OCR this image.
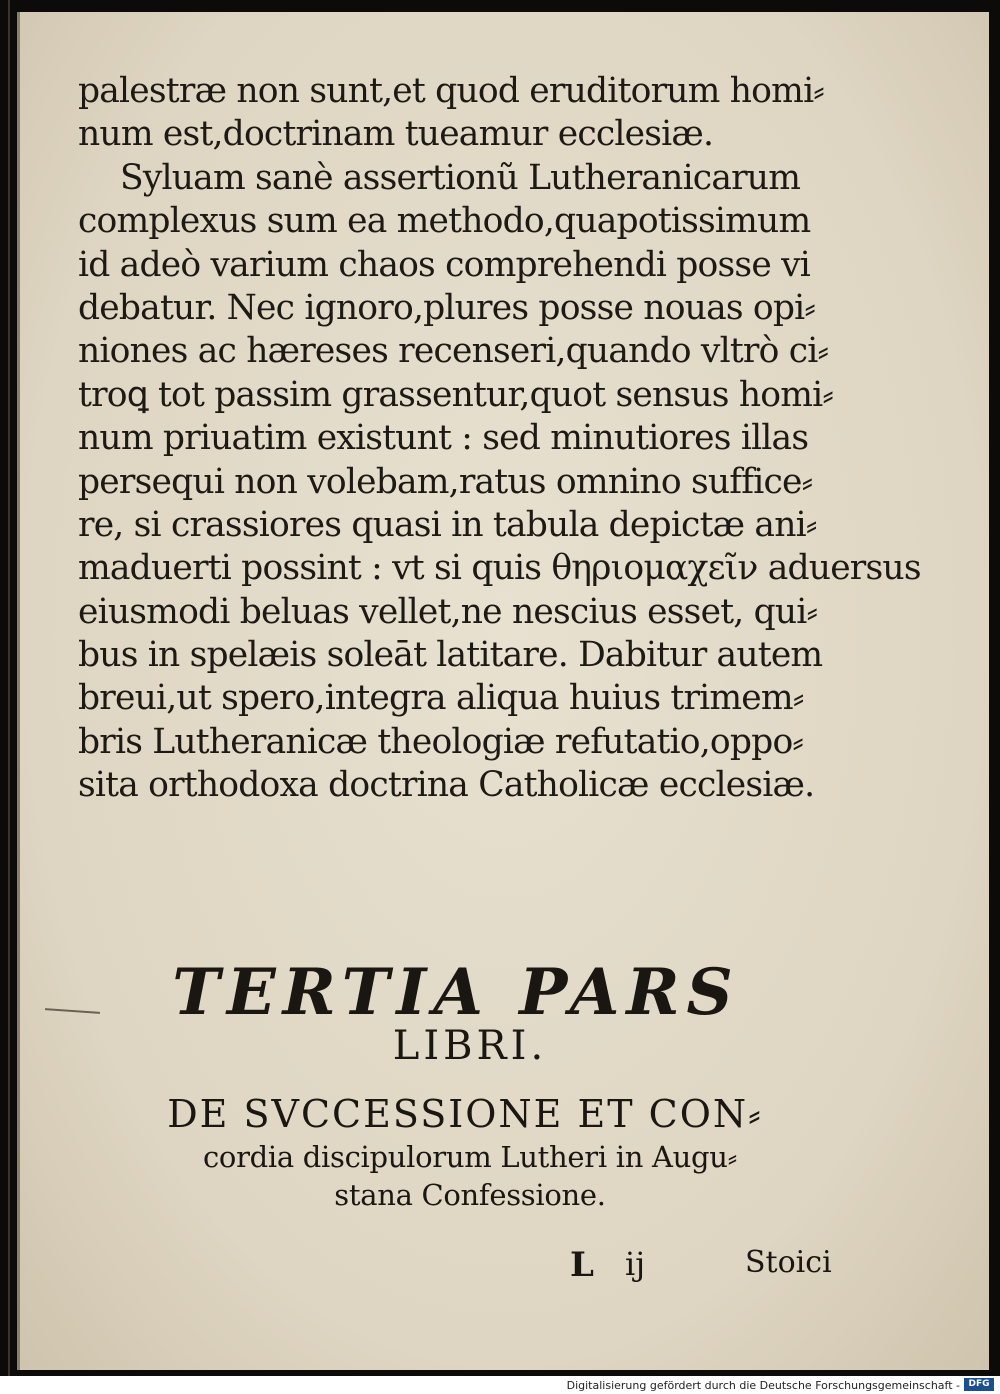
palestræ non sunt,et quod eruditorum homi⸗
num est,doctrinam tueamur ecclesiæ.
Syluam sanè assertionũ Lutheranicarum
complexus sum ea methodo,quapotissimum
id adeò varium chaos comprehendi posse vi
debatur. Nec ignoro,plures posse nouas opi⸗
niones ac hæreses recenseri,quando vltrò ci⸗
troꝗ tot passim grassentur,quot sensus homi⸗
num priuatim existunt : sed minutiores illas
persequi non volebam,ratus omnino suffice⸗
re, si crassiores quasi in tabula depictæ ani⸗
maduerti possint : vt si quis θηριομαχεῖν aduersus
eiusmodi beluas vellet,ne nescius esset, qui⸗
bus in spelæis soleāt latitare. Dabitur autem
breui,ut spero,integra aliqua huius trimem⸗
bris Lutheranicæ theologiæ refutatio,oppo⸗
sita orthodoxa doctrina Catholicæ ecclesiæ.
TERTIA PARS
LIBRI.
DE SVCCESSIONE ET CON⸗
cordia discipulorum Lutheri in Augu⸗
stana Confessione.
L ij	Stoici
Digitalisierung gefördert durch die Deutsche Forschungsgemeinschaft - DFG
